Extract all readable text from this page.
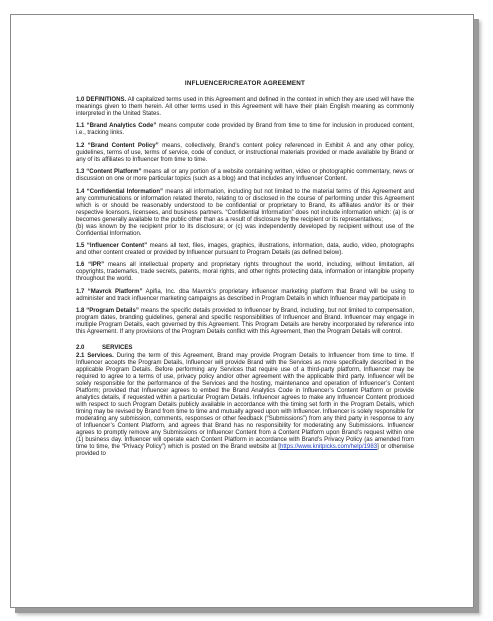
INFLUENCER/CREATOR AGREEMENT

1.0 DEFINITIONS. All capitalized terms used in this Agreement and defined in the context in which they are used will have the meanings given to them herein. All other terms used in this Agreement will have their plain English meaning as commonly interpreted in the United States.

1.1 “Brand Analytics Code” means computer code provided by Brand from time to time for inclusion in produced content, i.e., tracking links.

1.2 “Brand Content Policy” means, collectively, Brand’s content policy referenced in Exhibit A and any other policy, guidelines, terms of use, terms of service, code of conduct, or instructional materials provided or made available by Brand or any of its affiliates to Influencer from time to time.

1.3 “Content Platform” means all or any portion of a website containing written, video or photographic commentary, news or discussion on one or more particular topics (such as a blog) and that includes any Influencer Content.

1.4 “Confidential Information” means all information, including but not limited to the material terms of this Agreement and any communications or information related thereto, relating to or disclosed in the course of performing under this Agreement which is or should be reasonably understood to be confidential or proprietary to Brand, its affiliates and/or its or their respective licensors, licensees, and business partners. “Confidential Information” does not include information which: (a) is or becomes generally available to the public other than as a result of disclosure by the recipient or its representatives;
(b) was known by the recipient prior to its disclosure; or (c) was independently developed by recipient without use of the Confidential Information.

1.5 “Influencer Content” means all text, files, images, graphics, illustrations, information, data, audio, video, photographs and other content created or provided by Influencer pursuant to Program Details (as defined below).

1.6 “IPR” means all intellectual property and proprietary rights throughout the world, including, without limitation, all copyrights, trademarks, trade secrets, patents, moral rights, and other rights protecting data, information or intangible property throughout the world.

1.7 “Mavrck Platform” Apifia, Inc. dba Mavrck’s proprietary influencer marketing platform that Brand will be using to administer and track influencer marketing campaigns as described in Program Details in which Influencer may participate in

1.8 “Program Details” means the specific details provided to Influencer by Brand, including, but not limited to compensation, program dates, branding guidelines, general and specific responsibilities of Influencer and Brand. Influencer may engage in multiple Program Details, each governed by this Agreement. This Program Details are hereby incorporated by reference into this Agreement. If any provisions of the Program Details conflict with this Agreement, then the Program Details will control.

2.0	SERVICES

2.1 Services. During the term of this Agreement, Brand may provide Program Details to Influencer from time to time. If Influencer accepts the Program Details, Influencer will provide Brand with the Services as more specifically described in the applicable Program Details. Before performing any Services that require use of a third-party platform, Influencer may be required to agree to a terms of use, privacy policy and/or other agreement with the applicable third party. Influencer will be solely responsible for the performance of the Services and the hosting, maintenance and operation of Influencer’s Content Platform; provided that Influencer agrees to embed the Brand Analytics Code in Influencer’s Content Platform or provide analytics details, if requested within a particular Program Details. Influencer agrees to make any Influencer Content produced with respect to such Program Details publicly available in accordance with the timing set forth in the Program Details, which timing may be revised by Brand from time to time and mutually agreed upon with Influencer. Influencer is solely responsible for moderating any submission, comments, responses or other feedback (“Submissions”) from any third party in response to any of Influencer’s Content Platform, and agrees that Brand has no responsibility for moderating any Submissions. Influencer agrees to promptly remove any Submissions or Influencer Content from a Content Platform upon Brand’s request within one (1) business day. Influencer will operate each Content Platform in accordance with Brand’s Privacy Policy (as amended from time to time, the “Privacy Policy”) which is posted on the Brand website at [https://www.knitpicks.com/help/1983] or otherwise provided to
